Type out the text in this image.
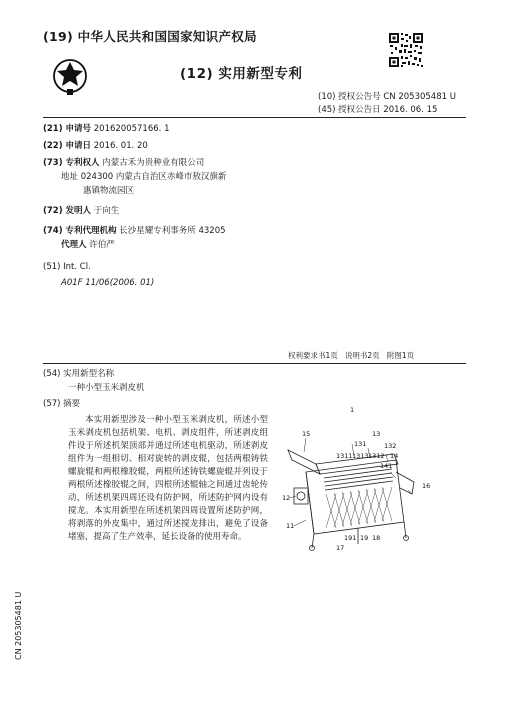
(19) 中华人民共和国国家知识产权局
(12) 实用新型专利
(10) 授权公告号 CN 205305481 U
(45) 授权公告日 2016. 06. 15
(21) 申请号 201620057166. 1
(22) 申请日 2016. 01. 20
(73) 专利权人 内蒙古禾为贵种业有限公司
地址 024300 内蒙古自治区赤峰市敖汉旗新
惠镇物流园区
(72) 发明人 于向生
(74) 专利代理机构 长沙星耀专利事务所 43205
代理人 许伯严
(51) Int. Cl.
A01F 11/06(2006. 01)
权利要求书1页 说明书2页 附图1页
(54) 实用新型名称
一种小型玉米剥皮机
(57) 摘要

本实用新型涉及一种小型玉米剥皮机，所述小型玉米剥皮机包括机架、电机、剥皮组件，所述剥皮组件设于所述机架顶部并通过所述电机驱动，所述剥皮组件为一组相切、相对旋转的剥皮辊，包括两根铸铁螺旋辊和两根橡胶辊，两根所述铸铁螺旋辊并列设于两根所述橡胶辊之间，四根所述辊轴之间通过齿轮传动，所述机架四周还设有防护网，所述防护网内设有搅龙。本实用新型在所述机架四周设置所述防护网，将剥落的外皮集中，通过所述搅龙排出，避免了设备堵塞，提高了生产效率，延长设备的使用寿命。

1
15	13
131	132
1311 1313 1312 14
141
16
12
11
191 19 18
17
CN 205305481 U
